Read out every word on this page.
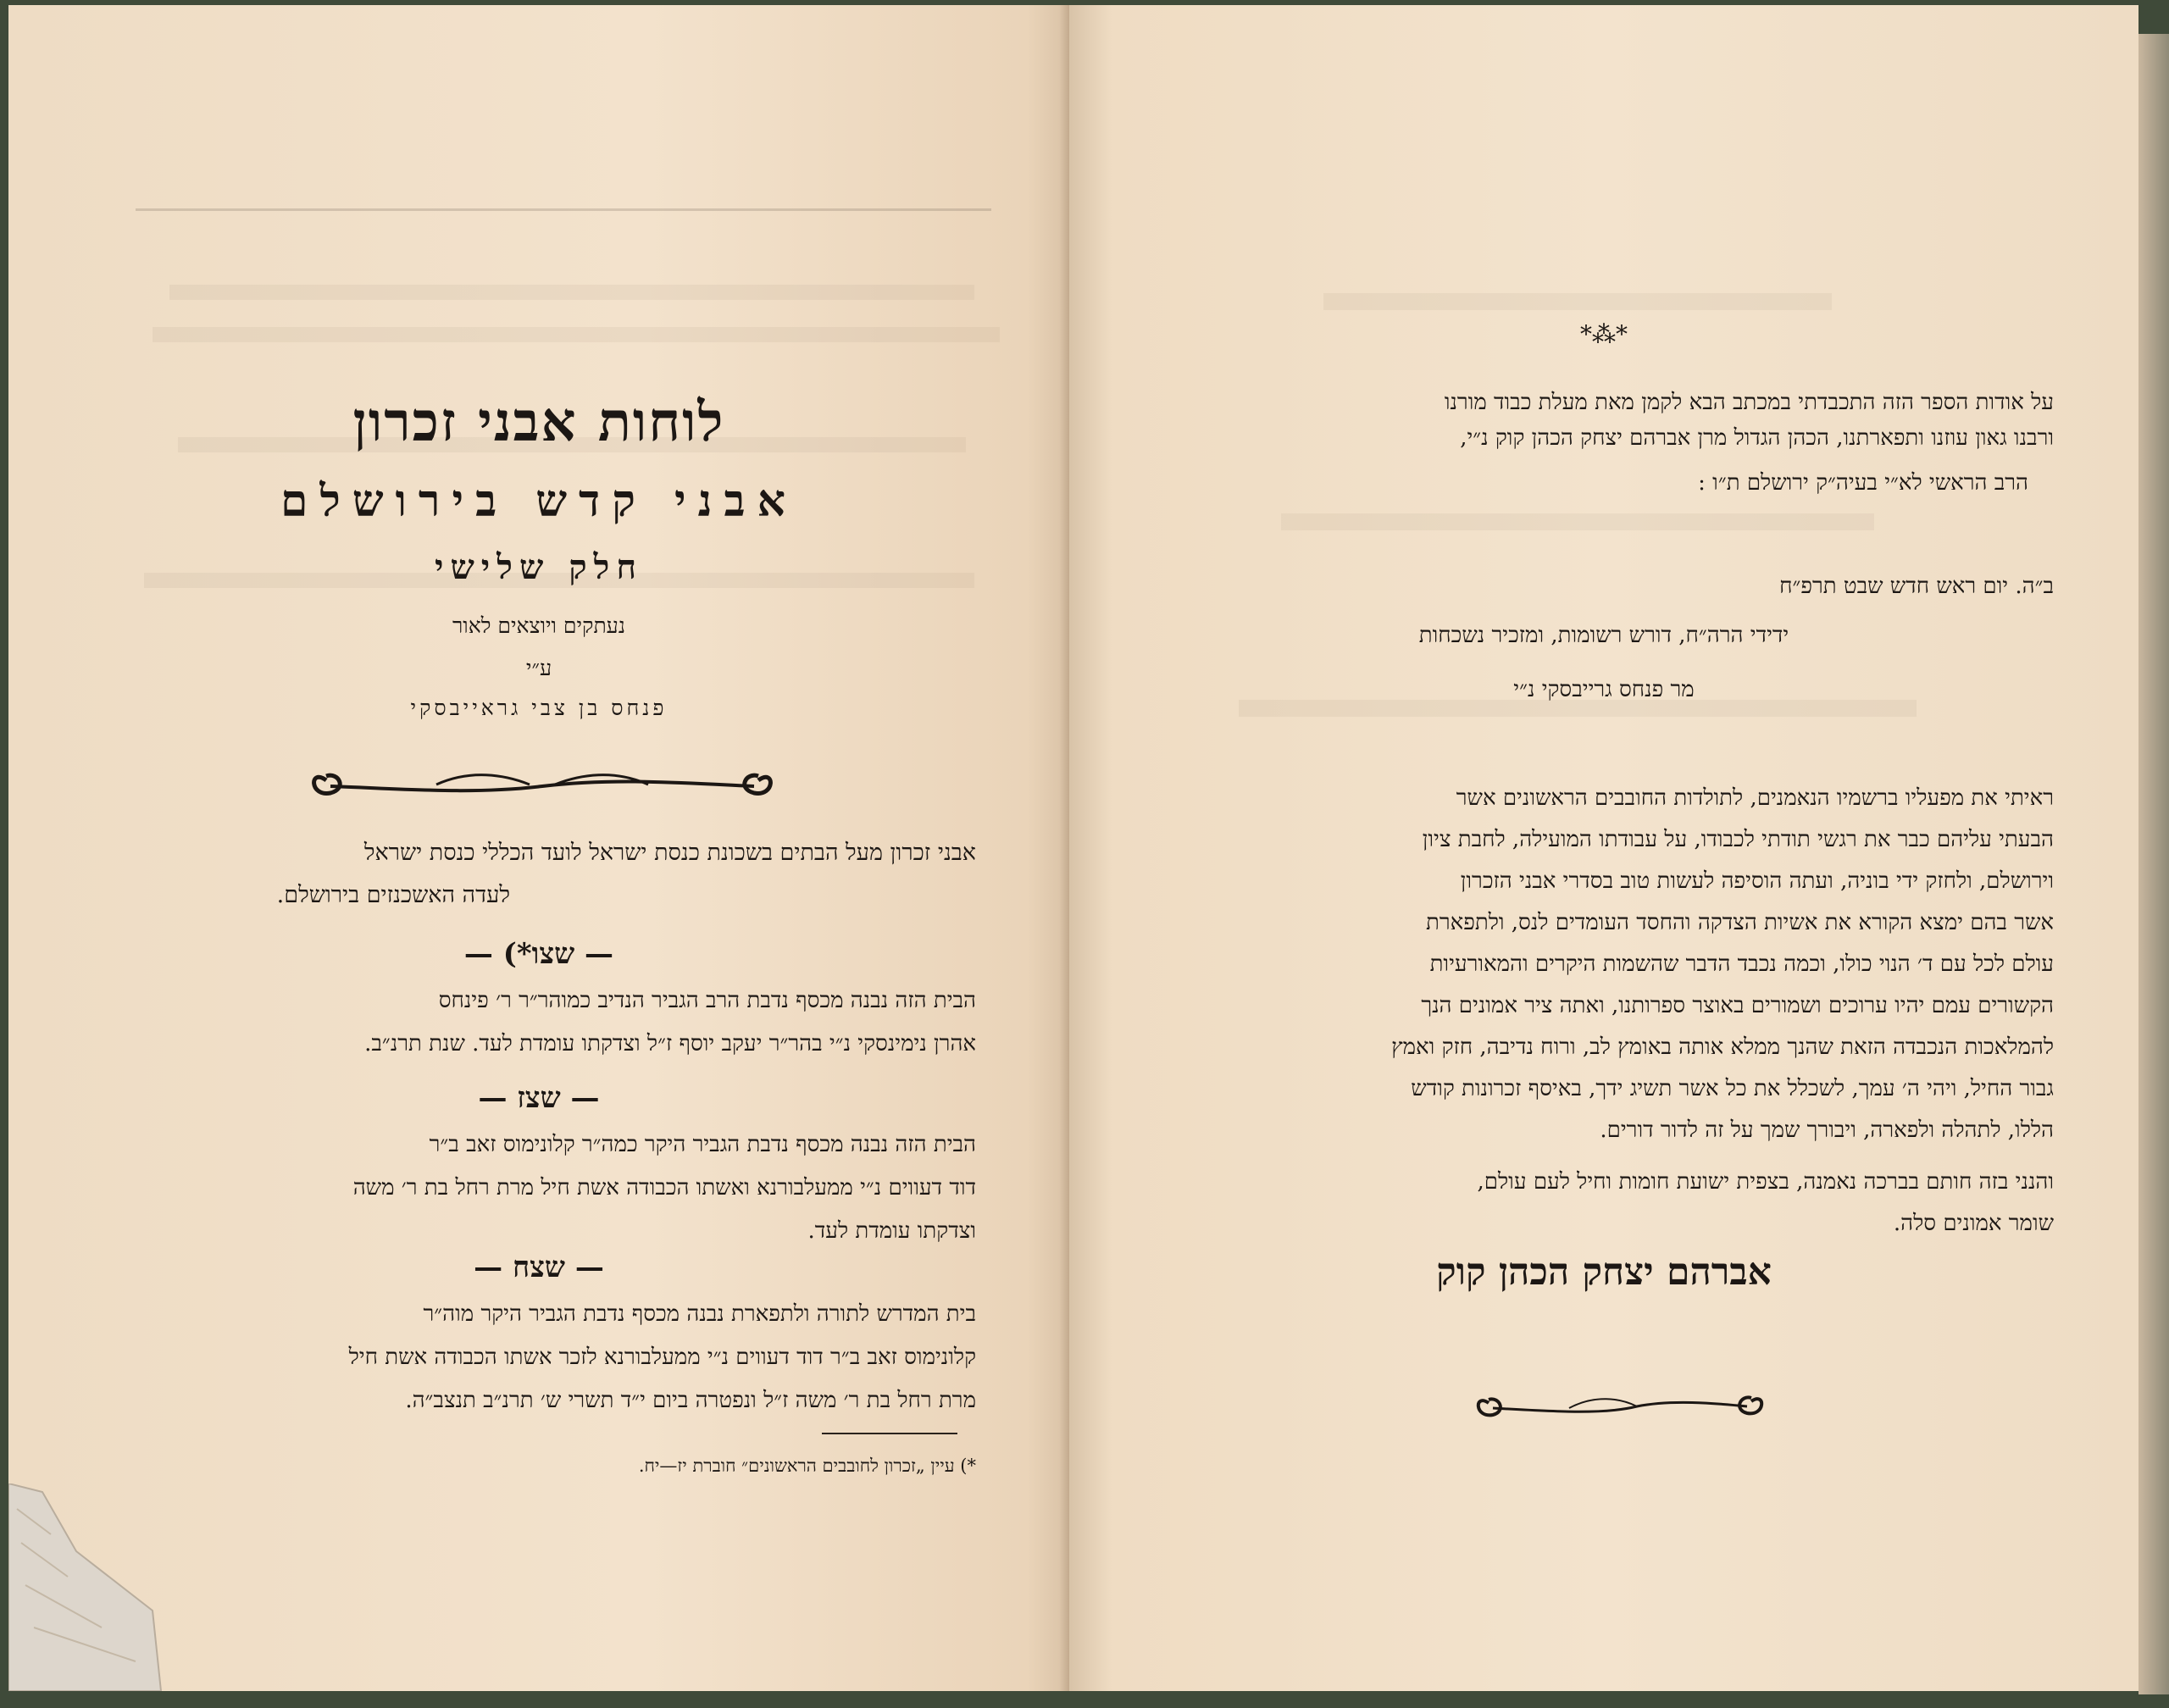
לוחות אבני זכרון
אבני קדש בירושלם
חלק שלישי
נעתקים ויוצאים לאור
ע״י
פנחס בן צבי גראייבסקי
אבני זכרון מעל הבתים בשכונת כנסת ישראל לועד הכללי כנסת ישראל
לעדה האשכנזים בירושלם.
— שצו*) —
הבית הזה נבנה מכסף נדבת הרב הגביר הנדיב כמוהר״ר ר׳ פינחס
אהרן נימינסקי נ״י בהר״ר יעקב יוסף ז״ל וצדקתו עומדת לעד. שנת תרנ״ב.
— שצז —
הבית הזה נבנה מכסף נדבת הגביר היקר כמה״ר קלונימוס זאב ב״ר
דוד דעווים נ״י ממעלבורנא ואשתו הכבודה אשת חיל מרת רחל בת ר׳ משה
וצדקתו עומדת לעד.
— שצח —
בית המדרש לתורה ולתפארת נבנה מכסף נדבת הגביר היקר מוה״ר
קלונימוס זאב ב״ר דוד דעווים נ״י ממעלבורנא לזכר אשתו הכבודה אשת חיל
מרת רחל בת ר׳ משה ז״ל ונפטרה ביום י״ד תשרי ש׳ תרנ״ב תנצב״ה.
*) עיין „זכרון לחובבים הראשונים״ חוברת יז—יח.
*⁂*
על אודות הספר הזה התכבדתי במכתב הבא לקמן מאת מעלת כבוד מורנו
ורבנו גאון עוזנו ותפארתנו, הכהן הגדול מרן אברהם יצחק הכהן קוק נ״י,
הרב הראשי לא״י בעיה״ק ירושלם ת״ו :
ב״ה. יום ראש חדש שבט תרפ״ח
ידידי הרה״ח, דורש רשומות, ומזכיר נשכחות
מר פנחס גרייבסקי נ״י
ראיתי את מפעליו ברשמיו הנאמנים, לתולדות החובבים הראשונים אשר
הבעתי עליהם כבר את רגשי תודתי לכבודו, על עבודתו המועילה, לחבת ציון
וירושלם, ולחזק ידי בוניה, ועתה הוסיפה לעשות טוב בסדרי אבני הזכרון
אשר בהם ימצא הקורא את אשיות הצדקה והחסד העומדים לנס, ולתפארת
עולם לכל עם ד׳ הנוי כולו, וכמה נכבד הדבר שהשמות היקרים והמאורעיות
הקשורים עמם יהיו ערוכים ושמורים באוצר ספרותנו, ואתה ציר אמונים הנך
להמלאכות הנכבדה הזאת שהנך ממלא אותה באומץ לב, ורוח נדיבה, חזק ואמץ
גבור החיל, ויהי ה׳ עמך, לשכלל את כל אשר תשיג ידך, באיסף זכרונות קודש
הללו, לתהלה ולפארה, ויבורך שמך על זה לדור דורים.
והנני בזה חותם בברכה נאמנה, בצפית ישועת חומות וחיל לעם עולם,
שומר אמונים סלה.
אברהם יצחק הכהן קוק
